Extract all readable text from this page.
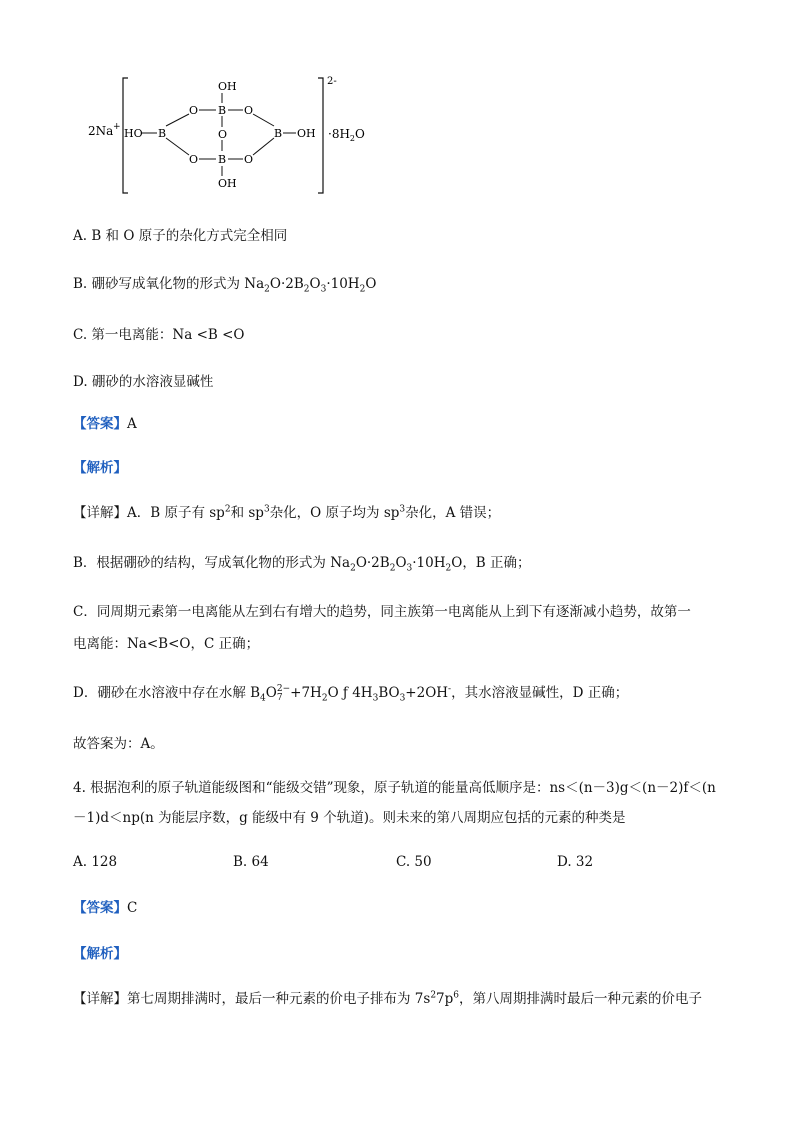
2Na +
2-
OH
OH
HO	OH
B	B
B
B
O	O
O
O	O
$\cdot 8H_2O$
A. B 和 O 原子的杂化方式完全相同
B. 硼砂写成氧化物的形式为 $Na_2O\cdot 2B_2O_3\cdot 10H_2O$
C. 第一电离能：Na <B <O
D. 硼砂的水溶液显碱性
【答案】A
【解析】
【详解】A．B 原子有 $sp^2$和 $sp^3$杂化，O 原子均为 $sp^3$杂化，A 错误；
B．根据硼砂的结构，写成氧化物的形式为 $Na_2O\cdot 2B_2O_3\cdot 10H_2O$，B 正确；
C．同周期元素第一电离能从左到右有增大的趋势，同主族第一电离能从上到下有逐渐减小趋势，故第一
电离能：Na<B<O，C 正确；
D．硼砂在水溶液中存在水解 $B_4O$ 2−
$7 +7H_2O$ ƒ $4H_3BO_3+2OH^-$，其水溶液显碱性，D 正确；
故答案为：A。
4. 根据泡利的原子轨道能级图和“能级交错”现象，原子轨道的能量高低顺序是：ns＜(n－3)g＜(n－2)f＜(n
－1)d＜np(n 为能层序数，g 能级中有 9 个轨道)。则未来的第八周期应包括的元素的种类是
A. 128	B. 64	C. 50	D. 32
【答案】C
【解析】
【详解】第七周期排满时，最后一种元素的价电子排布为 $7s^27p^6$，第八周期排满时最后一种元素的价电子
